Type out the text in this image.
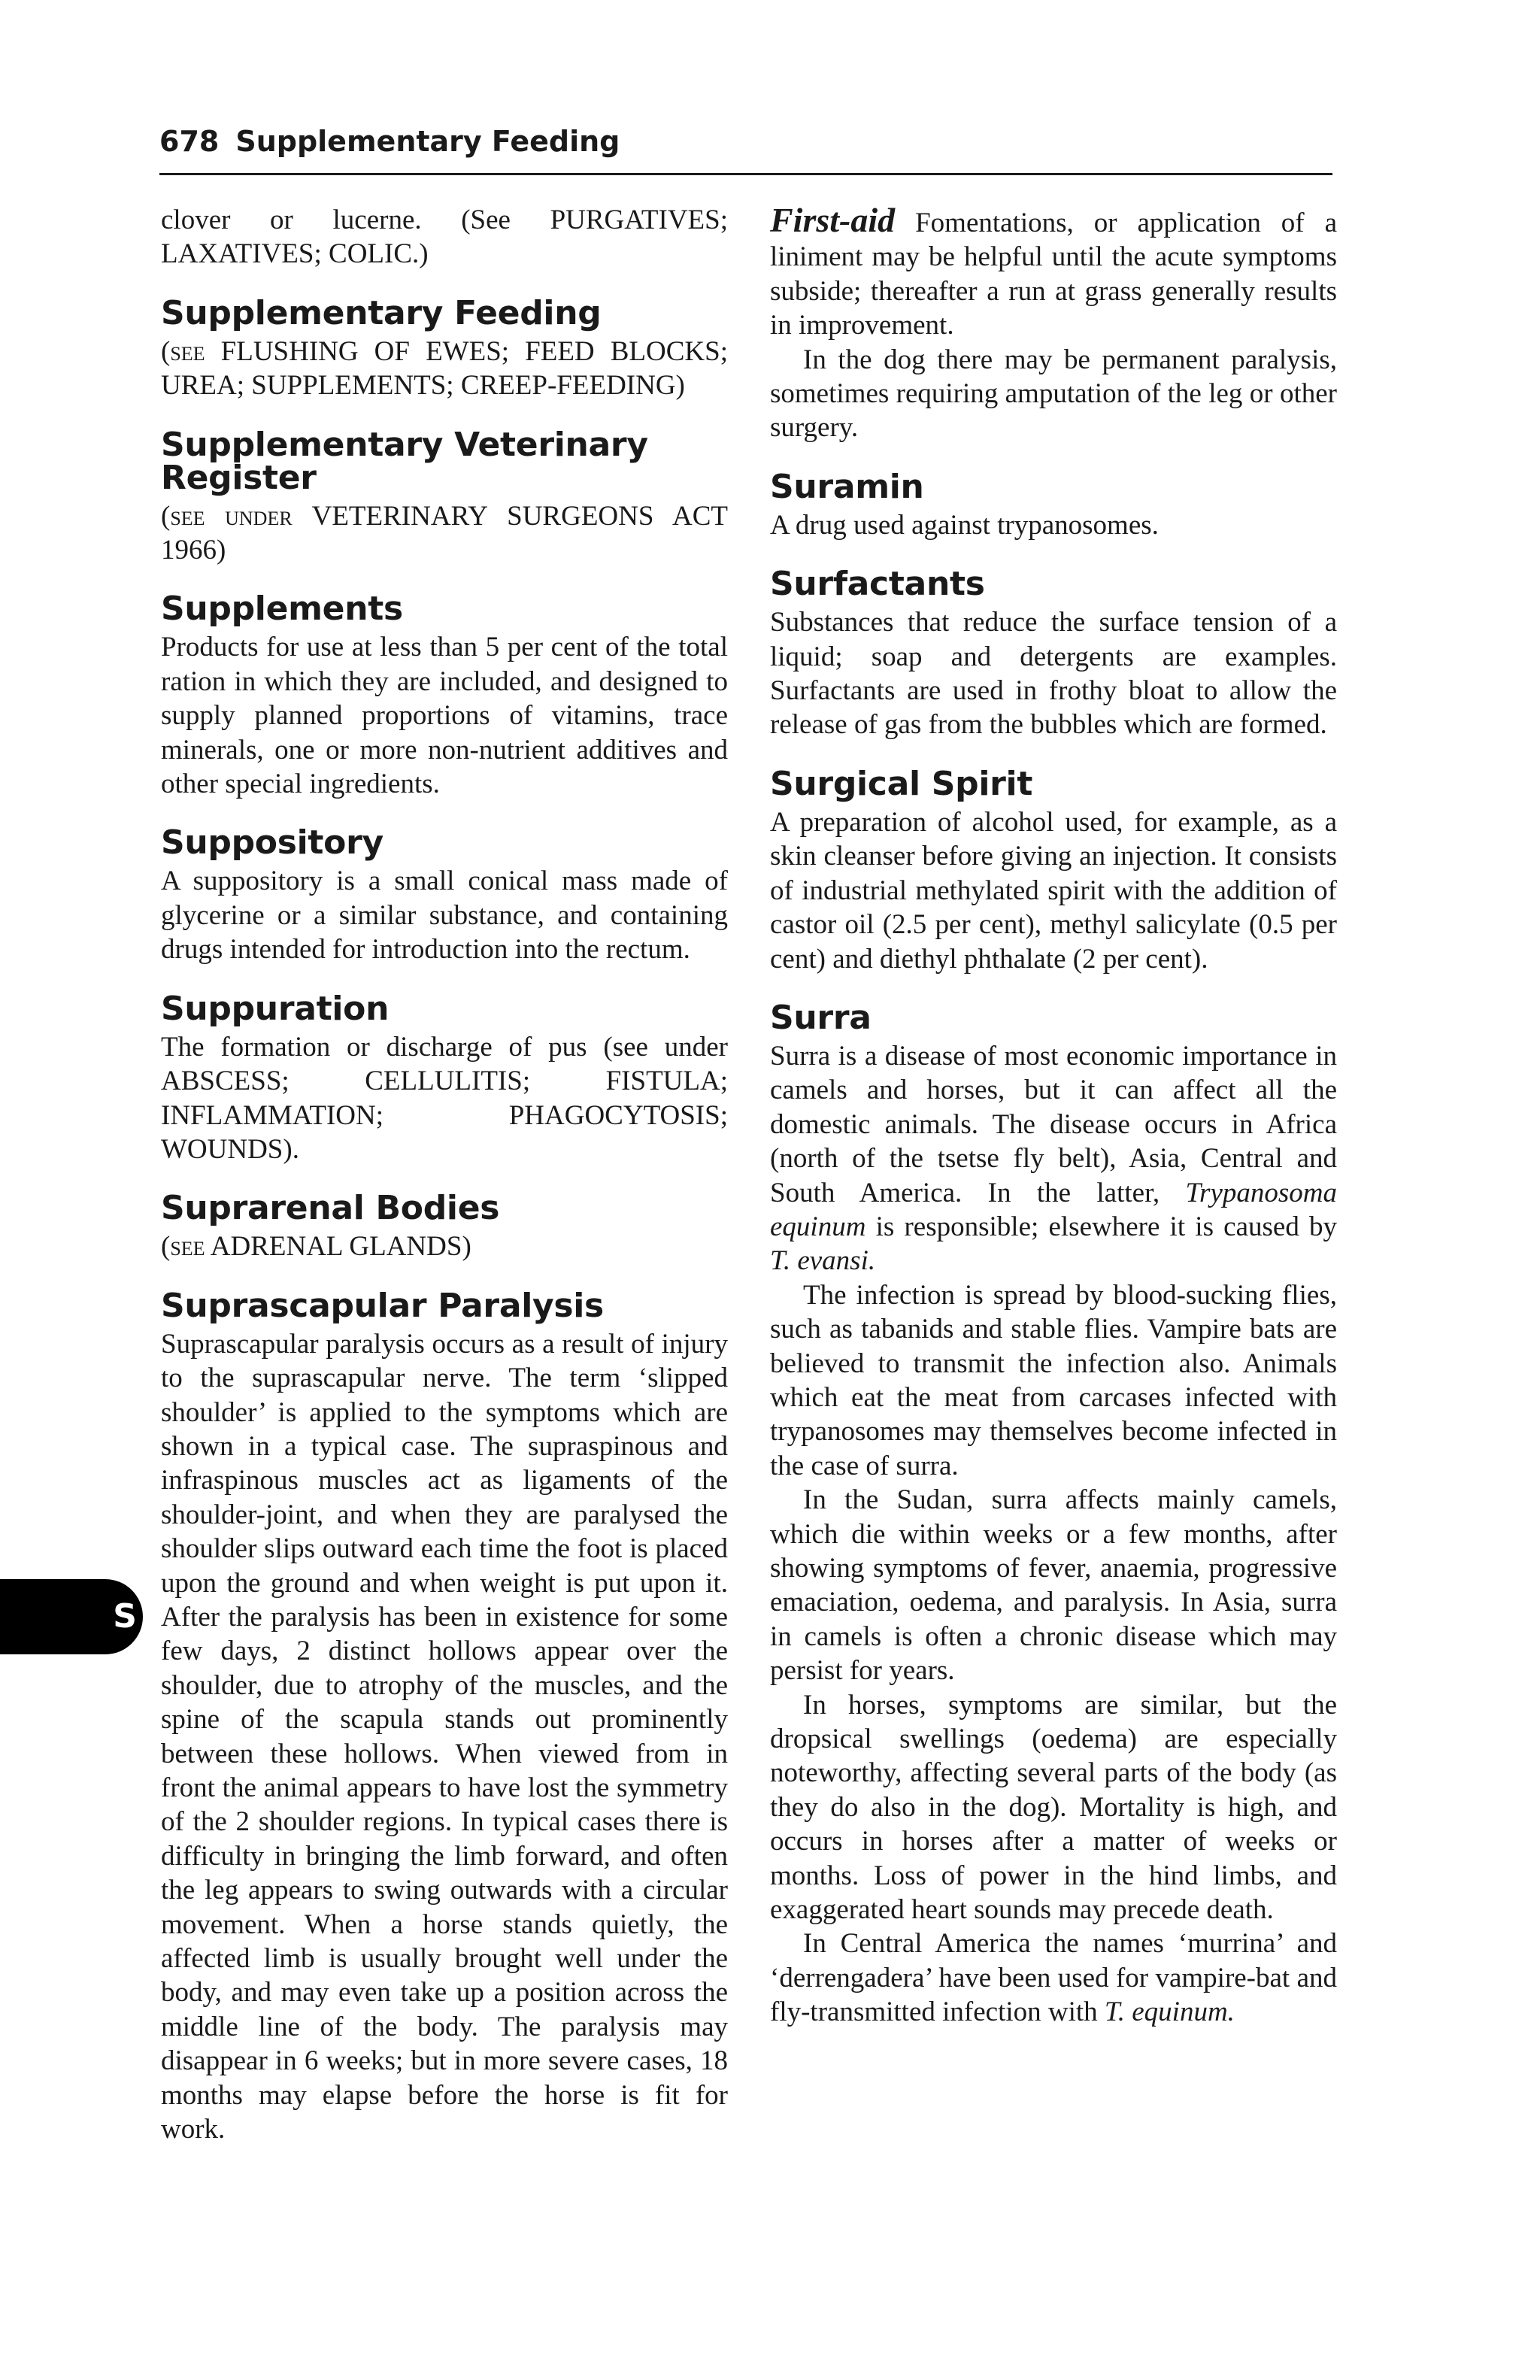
678 Supplementary Feeding

clover or lucerne. (See PURGATIVES; LAXATIVES; COLIC.)

Supplementary Feeding

(see FLUSHING OF EWES; FEED BLOCKS; UREA; SUPPLEMENTS; CREEP-FEEDING)

Supplementary Veterinary Register

(see under VETERINARY SURGEONS ACT 1966)

Supplements

Products for use at less than 5 per cent of the total ration in which they are included, and designed to supply planned proportions of vitamins, trace minerals, one or more non-nutrient additives and other special ingredients.

Suppository

A suppository is a small conical mass made of glycerine or a similar substance, and containing drugs intended for introduction into the rectum.

Suppuration

The formation or discharge of pus (see under ABSCESS; CELLULITIS; FISTULA; INFLAMMATION; PHAGOCYTOSIS; WOUNDS).

Suprarenal Bodies

(see ADRENAL GLANDS)

Suprascapular Paralysis

Suprascapular paralysis occurs as a result of injury to the suprascapular nerve. The term ‘slipped shoulder’ is applied to the symptoms which are shown in a typical case. The supraspinous and infraspinous muscles act as ligaments of the shoulder-joint, and when they are paralysed the shoulder slips outward each time the foot is placed upon the ground and when weight is put upon it. After the paralysis has been in existence for some few days, 2 distinct hollows appear over the shoulder, due to atrophy of the muscles, and the spine of the scapula stands out prominently between these hollows. When viewed from in front the animal appears to have lost the symmetry of the 2 shoulder regions. In typical cases there is difficulty in bringing the limb forward, and often the leg appears to swing outwards with a circular movement. When a horse stands quietly, the affected limb is usually brought well under the body, and may even take up a position across the middle line of the body. The paralysis may disappear in 6 weeks; but in more severe cases, 18 months may elapse before the horse is fit for work.

First-aid Fomentations, or application of a liniment may be helpful until the acute symptoms subside; thereafter a run at grass generally results in improvement.

In the dog there may be permanent paralysis, sometimes requiring amputation of the leg or other surgery.

Suramin

A drug used against trypanosomes.

Surfactants

Substances that reduce the surface tension of a liquid; soap and detergents are examples. Surfactants are used in frothy bloat to allow the release of gas from the bubbles which are formed.

Surgical Spirit

A preparation of alcohol used, for example, as a skin cleanser before giving an injection. It consists of industrial methylated spirit with the addition of castor oil (2.5 per cent), methyl salicylate (0.5 per cent) and diethyl phthalate (2 per cent).

Surra

Surra is a disease of most economic importance in camels and horses, but it can affect all the domestic animals. The disease occurs in Africa (north of the tsetse fly belt), Asia, Central and South America. In the latter, Trypanosoma equinum is responsible; elsewhere it is caused by T. evansi.

The infection is spread by blood-sucking flies, such as tabanids and stable flies. Vampire bats are believed to transmit the infection also. Animals which eat the meat from carcases infected with trypanosomes may themselves become infected in the case of surra.

In the Sudan, surra affects mainly camels, which die within weeks or a few months, after showing symptoms of fever, anaemia, progressive emaciation, oedema, and paralysis. In Asia, surra in camels is often a chronic disease which may persist for years.

In horses, symptoms are similar, but the dropsical swellings (oedema) are especially noteworthy, affecting several parts of the body (as they do also in the dog). Mortality is high, and occurs in horses after a matter of weeks or months. Loss of power in the hind limbs, and exaggerated heart sounds may precede death.

In Central America the names ‘murrina’ and ‘derrengadera’ have been used for vampire-bat and fly-transmitted infection with T. equinum.

S
